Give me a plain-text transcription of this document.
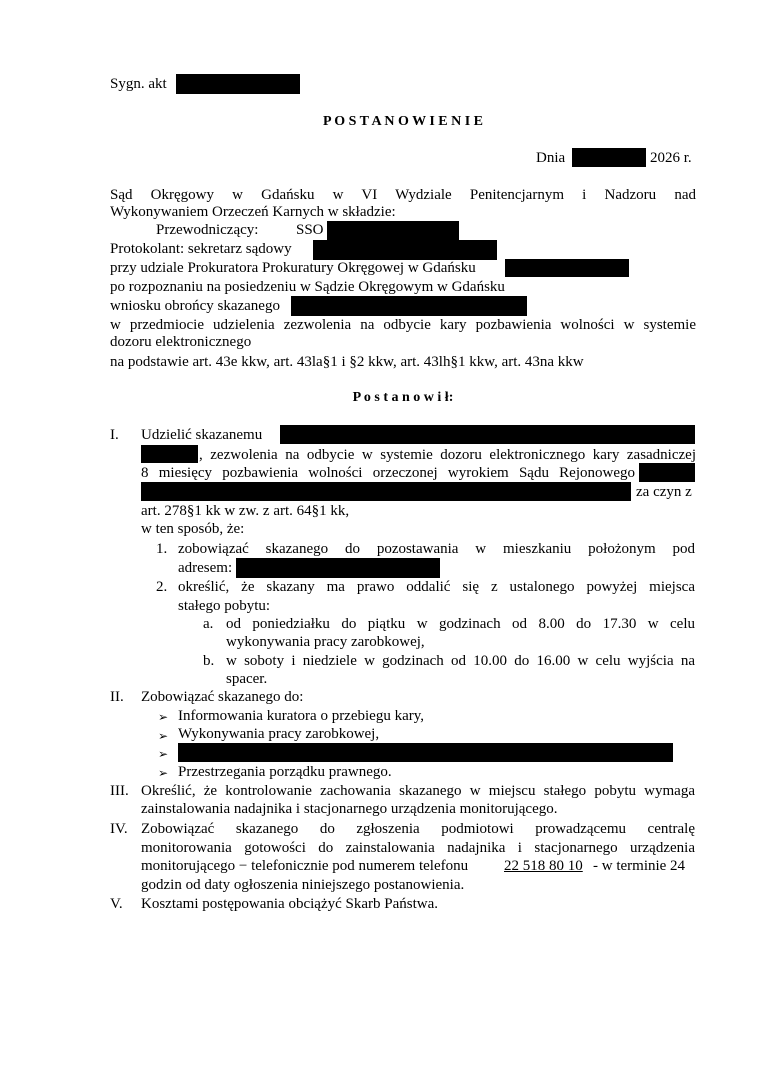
Sygn. akt
P O S T A N O W I E N I E
Dnia	2026 r.
Sąd Okręgowy w Gdańsku w VI Wydziale Penitencjarnym i Nadzoru nad
Wykonywaniem Orzeczeń Karnych w składzie:
Przewodniczący:	SSO
Protokolant: sekretarz sądowy
przy udziale Prokuratora Prokuratury Okręgowej w Gdańsku
po rozpoznaniu na posiedzeniu w Sądzie Okręgowym w Gdańsku
wniosku obrońcy skazanego
w przedmiocie udzielenia zezwolenia na odbycie kary pozbawienia wolności w systemie
dozoru elektronicznego
na podstawie art. 43e kkw, art. 43la§1 i §2 kkw, art. 43lh§1 kkw, art. 43na kkw
P o s t a n o w i ł:
I. Udzielić skazanemu
, zezwolenia na odbycie w systemie dozoru elektronicznego kary zasadniczej
8 miesięcy pozbawienia wolności orzeczonej wyrokiem Sądu Rejonowego
za czyn z
art. 278§1 kk w zw. z art. 64§1 kk,
w ten sposób, że:
1. zobowiązać skazanego do pozostawania w mieszkaniu położonym pod
adresem:
2. określić, że skazany ma prawo oddalić się z ustalonego powyżej miejsca
stałego pobytu:
a. od poniedziałku do piątku w godzinach od 8.00 do 17.30 w celu
wykonywania pracy zarobkowej,
b. w soboty i niedziele w godzinach od 10.00 do 16.00 w celu wyjścia na
spacer.
II. Zobowiązać skazanego do:
➢ Informowania kuratora o przebiegu kary,
➢ Wykonywania pracy zarobkowej,
➢
➢ Przestrzegania porządku prawnego.
III. Określić, że kontrolowanie zachowania skazanego w miejscu stałego pobytu wymaga
zainstalowania nadajnika i stacjonarnego urządzenia monitorującego.
IV. Zobowiązać skazanego do zgłoszenia podmiotowi prowadzącemu centralę
monitorowania gotowości do zainstalowania nadajnika i stacjonarnego urządzenia
monitorującego − telefonicznie pod numerem telefonu 22 518 80 10 - w terminie 24
godzin od daty ogłoszenia niniejszego postanowienia.
V. Kosztami postępowania obciążyć Skarb Państwa.
